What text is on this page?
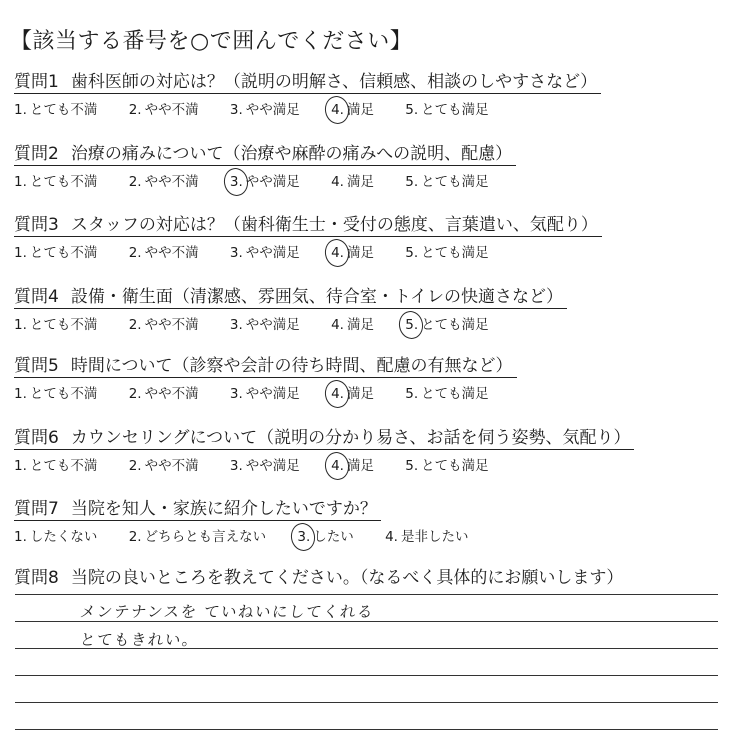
【該当する番号を○で囲んでください】
質問1 歯科医師の対応は？（説明の明解さ、信頼感、相談のしやすさなど）
1. とても不満 2. やや不満 3. やや満足 4. 満足 5. とても満足
質問2 治療の痛みについて（治療や麻酔の痛みへの説明、配慮）
1. とても不満 2. やや不満 3. やや満足 4. 満足 5. とても満足
質問3 スタッフの対応は？（歯科衛生士・受付の態度、言葉遣い、気配り）
1. とても不満 2. やや不満 3. やや満足 4. 満足 5. とても満足
質問4 設備・衛生面（清潔感、雰囲気、待合室・トイレの快適さなど）
1. とても不満 2. やや不満 3. やや満足 4. 満足 5. とても満足
質問5 時間について（診察や会計の待ち時間、配慮の有無など）
1. とても不満 2. やや不満 3. やや満足 4. 満足 5. とても満足
質問6 カウンセリングについて（説明の分かり易さ、お話を伺う姿勢、気配り）
1. とても不満 2. やや不満 3. やや満足 4. 満足 5. とても満足
質問7 当院を知人・家族に紹介したいですか？
1. したくない 2. どちらとも言えない 3. したい 4. 是非したい
質問8 当院の良いところを教えてください。（なるべく具体的にお願いします）
メンテナンスを ていねいにしてくれる
とてもきれい。
